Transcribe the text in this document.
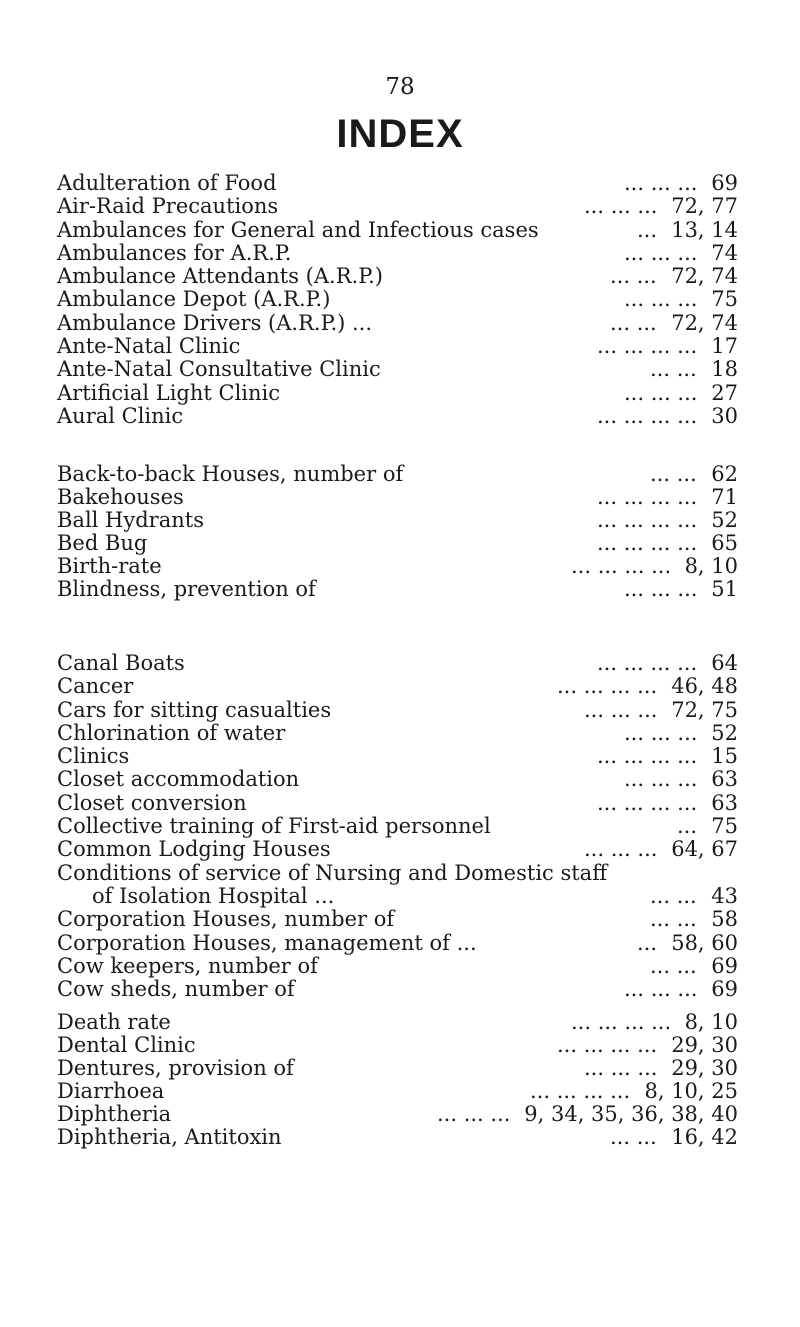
78
INDEX
Adulteration of Food	... ... ... 69
Air-Raid Precautions	... ... ... 72, 77
Ambulances for General and Infectious cases	... 13, 14
Ambulances for A.R.P.	... ... ... 74
Ambulance Attendants (A.R.P.)	... ... 72, 74
Ambulance Depot (A.R.P.)	... ... ... 75
Ambulance Drivers (A.R.P.) ...	... ... 72, 74
Ante-Natal Clinic	... ... ... ... 17
Ante-Natal Consultative Clinic	... ... 18
Artificial Light Clinic	... ... ... 27
Aural Clinic	... ... ... ... 30
Back-to-back Houses, number of	... ... 62
Bakehouses	... ... ... ... 71
Ball Hydrants	... ... ... ... 52
Bed Bug	... ... ... ... 65
Birth-rate	... ... ... ... 8, 10
Blindness, prevention of	... ... ... 51
Canal Boats	... ... ... ... 64
Cancer	... ... ... ... 46, 48
Cars for sitting casualties	... ... ... 72, 75
Chlorination of water	... ... ... 52
Clinics	... ... ... ... 15
Closet accommodation	... ... ... 63
Closet conversion	... ... ... ... 63
Collective training of First-aid personnel	... 75
Common Lodging Houses	... ... ... 64, 67
Conditions of service of Nursing and Domestic staff
of Isolation Hospital ...	... ... 43
Corporation Houses, number of	... ... 58
Corporation Houses, management of ...	... 58, 60
Cow keepers, number of	... ... 69
Cow sheds, number of	... ... ... 69
Death rate	... ... ... ... 8, 10
Dental Clinic	... ... ... ... 29, 30
Dentures, provision of	... ... ... 29, 30
Diarrhoea	... ... ... ... 8, 10, 25
Diphtheria	... ... ... 9, 34, 35, 36, 38, 40
Diphtheria, Antitoxin	... ... 16, 42
